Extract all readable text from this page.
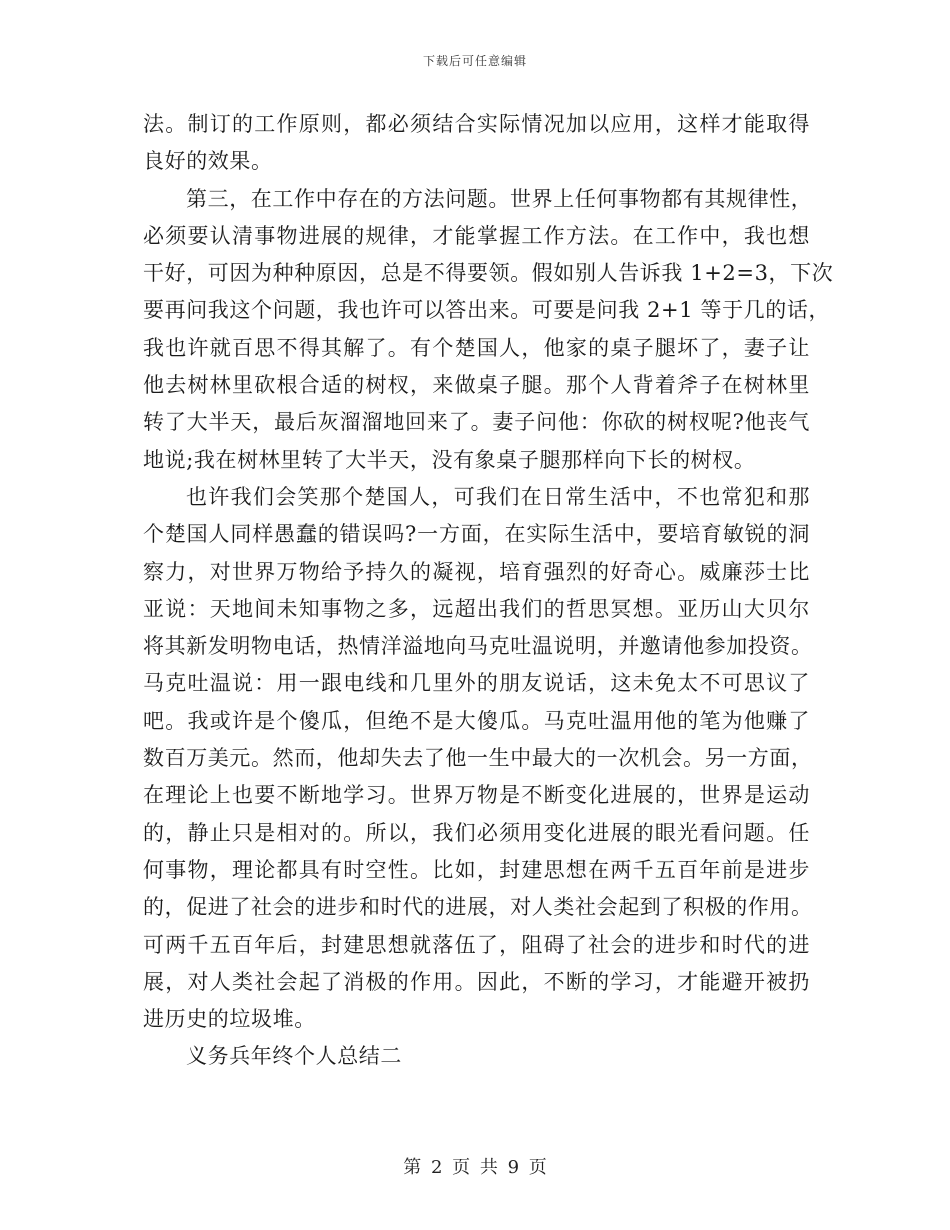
下载后可任意编辑
法。制订的工作原则，都必须结合实际情况加以应用，这样才能取得
良好的效果。
第三，在工作中存在的方法问题。世界上任何事物都有其规律性，
必须要认清事物进展的规律，才能掌握工作方法。在工作中，我也想
干好，可因为种种原因，总是不得要领。假如别人告诉我 1+2=3，下次
要再问我这个问题，我也许可以答出来。可要是问我 2+1 等于几的话，
我也许就百思不得其解了。有个楚国人，他家的桌子腿坏了，妻子让
他去树林里砍根合适的树杈，来做桌子腿。那个人背着斧子在树林里
转了大半天，最后灰溜溜地回来了。妻子问他：你砍的树杈呢?他丧气
地说;我在树林里转了大半天，没有象桌子腿那样向下长的树杈。
也许我们会笑那个楚国人，可我们在日常生活中，不也常犯和那
个楚国人同样愚蠢的错误吗?一方面，在实际生活中，要培育敏锐的洞
察力，对世界万物给予持久的凝视，培育强烈的好奇心。威廉莎士比
亚说：天地间未知事物之多，远超出我们的哲思冥想。亚历山大贝尔
将其新发明物电话，热情洋溢地向马克吐温说明，并邀请他参加投资。
马克吐温说：用一跟电线和几里外的朋友说话，这未免太不可思议了
吧。我或许是个傻瓜，但绝不是大傻瓜。马克吐温用他的笔为他赚了
数百万美元。然而，他却失去了他一生中最大的一次机会。另一方面，
在理论上也要不断地学习。世界万物是不断变化进展的，世界是运动
的，静止只是相对的。所以，我们必须用变化进展的眼光看问题。任
何事物，理论都具有时空性。比如，封建思想在两千五百年前是进步
的，促进了社会的进步和时代的进展，对人类社会起到了积极的作用。
可两千五百年后，封建思想就落伍了，阻碍了社会的进步和时代的进
展，对人类社会起了消极的作用。因此，不断的学习，才能避开被扔
进历史的垃圾堆。
义务兵年终个人总结二
第 2 页 共 9 页
